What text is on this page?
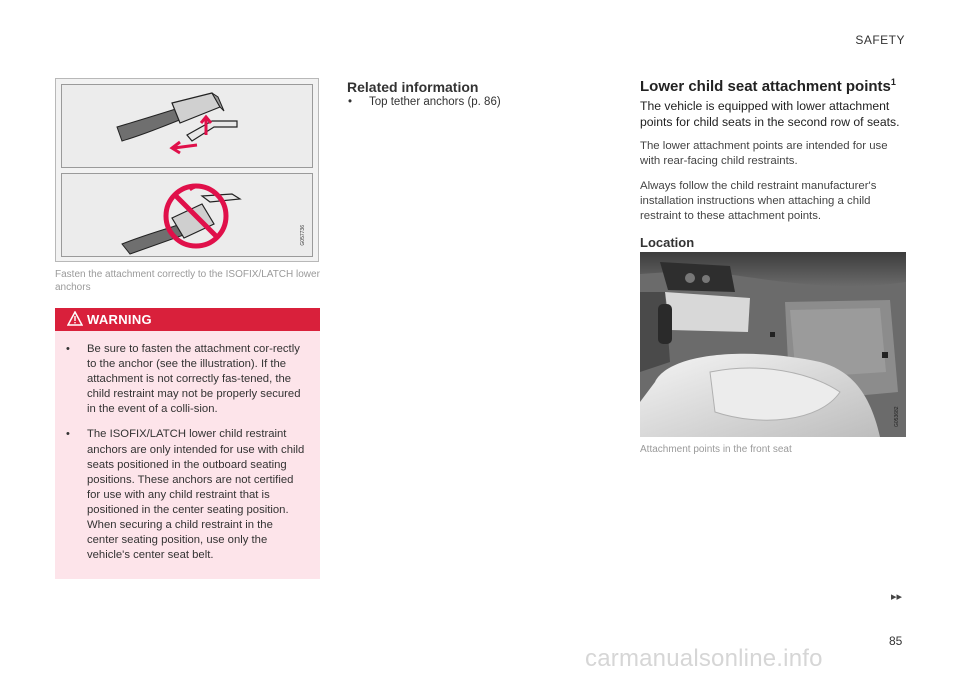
SAFETY
G057736
Fasten the attachment correctly to the ISOFIX/LATCH lower anchors
WARNING
• Be sure to fasten the attachment cor-rectly to the anchor (see the illustration). If the attachment is not correctly fas-tened, the child restraint may not be properly secured in the event of a colli-sion.
• The ISOFIX/LATCH lower child restraint anchors are only intended for use with child seats positioned in the outboard seating positions. These anchors are not certified for use with any child restraint that is positioned in the center seating position. When securing a child restraint in the center seating position, use only the vehicle's center seat belt.
Related information
• Top tether anchors (p. 86)
Lower child seat attachment points$^1$
The vehicle is equipped with lower attachment points for child seats in the second row of seats.
The lower attachment points are intended for use with rear-facing child restraints.
Always follow the child restraint manufacturer's installation instructions when attaching a child restraint to these attachment points.
Location
G053682
Attachment points in the front seat
▸▸
85
carmanualsonline.info
